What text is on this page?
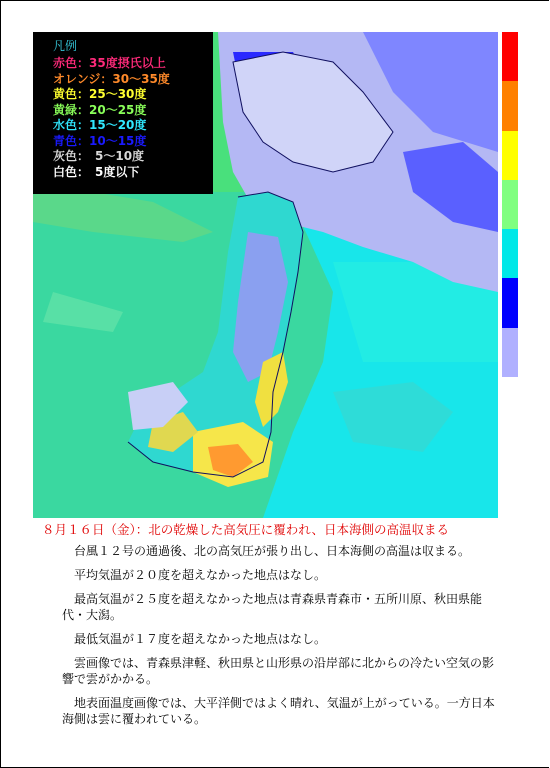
凡例
赤色：35度摂氏以上
オレンジ：30〜35度
黄色：25〜30度
黄緑：20〜25度
水色：15〜20度
青色：10〜15度
灰色：　5〜10度
白色：　5度以下
８月１６日（金）：北の乾燥した高気圧に覆われ、日本海側の高温収まる

台風１２号の通過後、北の高気圧が張り出し、日本海側の高温は収まる。

平均気温が２０度を超えなかった地点はなし。

最高気温が２５度を超えなかった地点は青森県青森市・五所川原、秋田県能代・大潟。

最低気温が１７度を超えなかった地点はなし。

雲画像では、青森県津軽、秋田県と山形県の沿岸部に北からの冷たい空気の影響で雲がかかる。

地表面温度画像では、大平洋側ではよく晴れ、気温が上がっている。一方日本海側は雲に覆われている。
